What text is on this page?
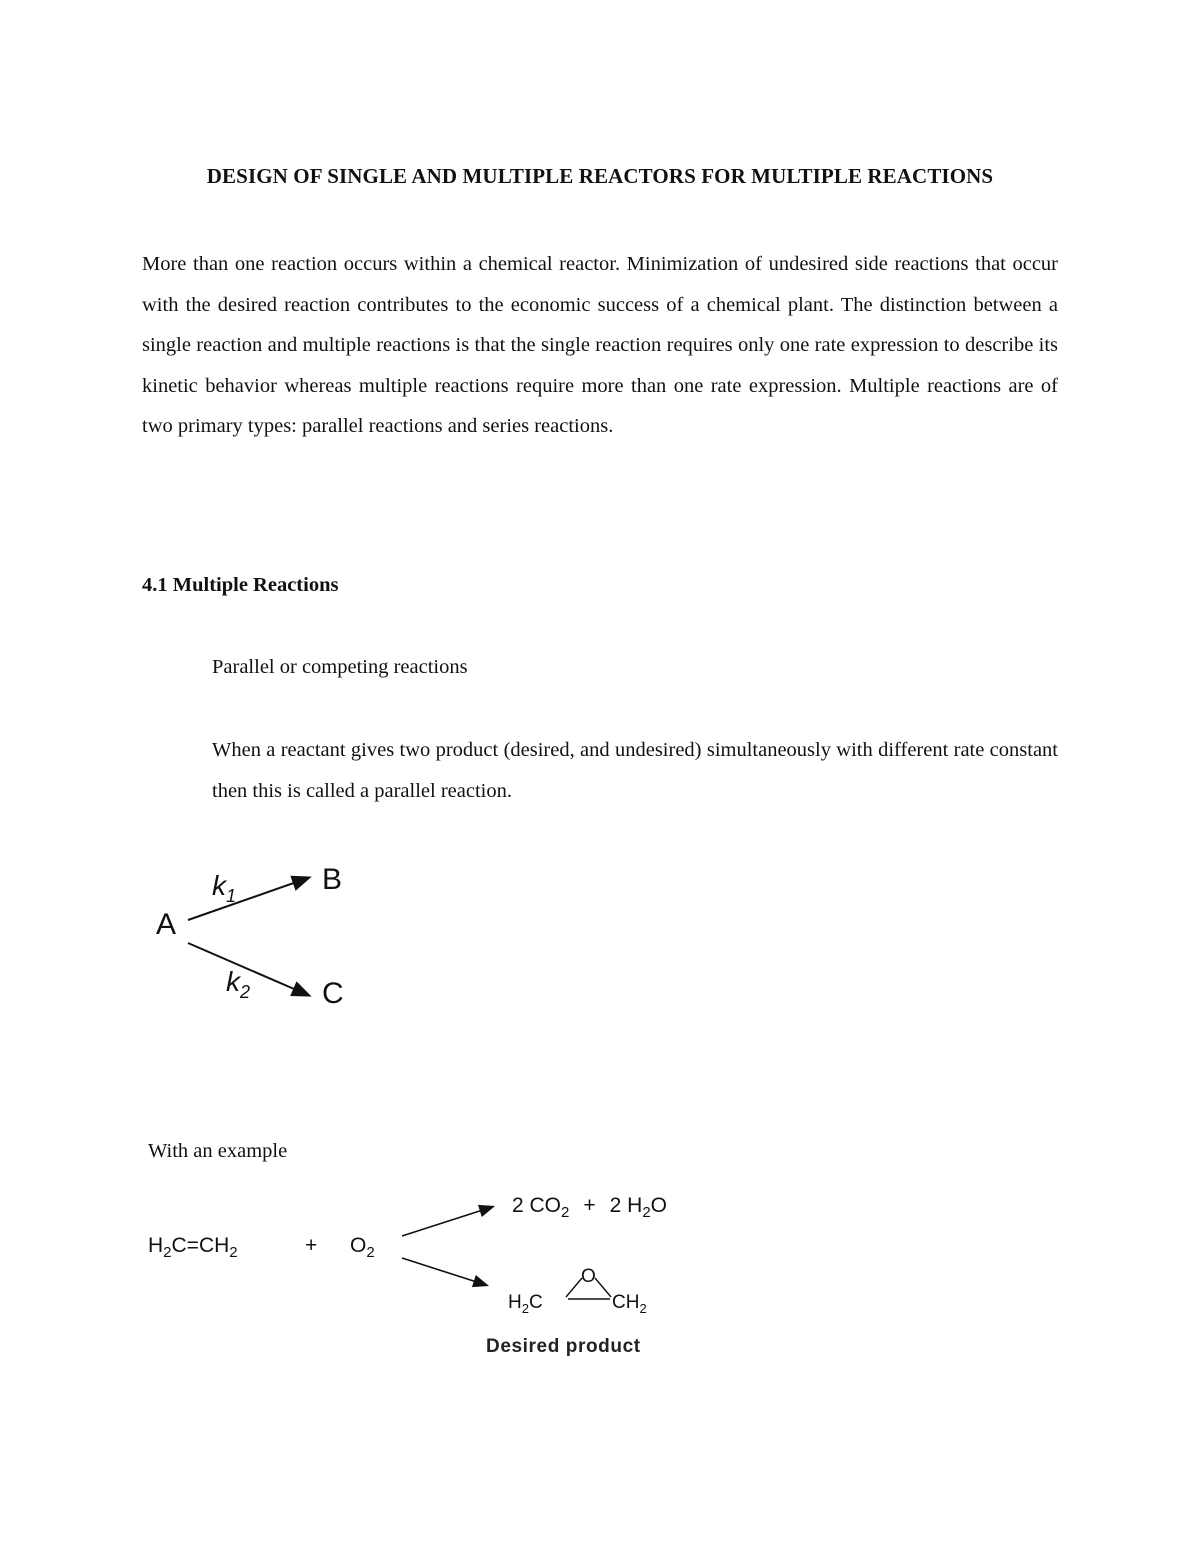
DESIGN OF SINGLE AND MULTIPLE REACTORS FOR MULTIPLE REACTIONS

More than one reaction occurs within a chemical reactor. Minimization of undesired side reactions that occur with the desired reaction contributes to the economic success of a chemical plant. The distinction between a single reaction and multiple reactions is that the single reaction requires only one rate expression to describe its kinetic behavior whereas multiple reactions require more than one rate expression. Multiple reactions are of two primary types: parallel reactions and series reactions.

4.1 Multiple Reactions

Parallel or competing reactions

When a reactant gives two product (desired, and undesired) simultaneously with different rate constant then this is called a parallel reaction.

A
$k_1$
$k_2$
B
C
With an example
$H_2C=CH_2$	+ $O_2$
2 $CO_2 + 2$ $H_2O$
O
$H_2C$	$CH_2$
Desired product
